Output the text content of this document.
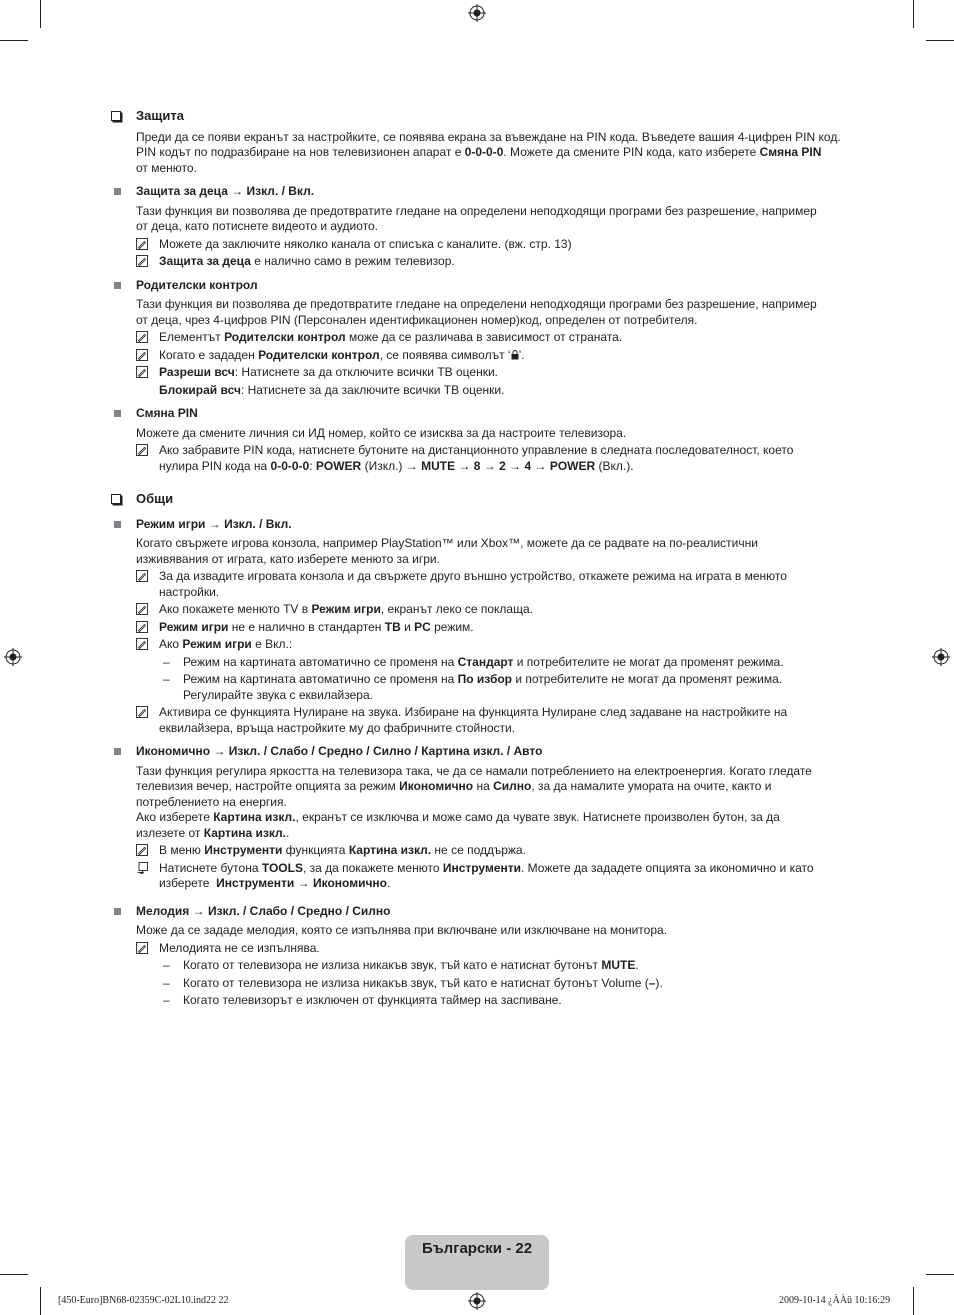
Защита
Преди да се появи екранът за настройките, се появява екрана за въвеждане на PIN кода. Въведете вашия 4-цифрен PIN код.
PIN кодът по подразбиране на нов телевизионен апарат е 0-0-0-0. Можете да смените PIN кода, като изберете Смяна PIN
от менюто.
Защита за деца → Изкл. / Вкл.
Тази функция ви позволява де предотвратите гледане на определени неподходящи програми без разрешение, например
от деца, като потиснете видеото и аудиото.
Можете да заключите няколко канала от списъка с каналите. (вж. стр. 13)
Защита за деца е налично само в режим телевизор.
Родителски контрол
Тази функция ви позволява де предотвратите гледане на определени неподходящи програми без разрешение, например
от деца, чрез 4-цифров PIN (Персонален идентификационен номер)код, определен от потребителя.
Елементът Родителски контрол може да се различава в зависимост от страната.
Когато е зададен Родителски контрол, се появява символът ‘ ’.
Разреши всч: Натиснете за да отключите всички ТВ оценки.
Блокирай всч: Натиснете за да заключите всички ТВ оценки.
Смяна PIN
Можете да смените личния си ИД номер, който се изисква за да настроите телевизора.
Ако забравите PIN кода, натиснете бутоните на дистанционното управление в следната последователност, което
нулира PIN кода на 0-0-0-0: POWER (Изкл.) → MUTE → 8 → 2 → 4 → POWER (Вкл.).
Общи
Режим игри → Изкл. / Вкл.
Когато свържете игрова конзола, например PlayStation™ или Xbox™, можете да се радвате на по-реалистични
изживявания от играта, като изберете менюто за игри.
За да извадите игровата конзола и да свържете друго външно устройство, откажете режима на играта в менюто
настройки.
Ако покажете менюто TV в Режим игри, екранът леко се поклаща.
Режим игри не е налично в стандартен ТВ и PC режим.
Ако Режим игри е Вкл.:
– Режим на картината автоматично се променя на Стандарт и потребителите не могат да променят режима.
– Режим на картината автоматично се променя на По избор и потребителите не могат да променят режима.
Регулирайте звука с еквилайзера.
Активира се функцията Нулиране на звука. Избиране на функцията Нулиране след задаване на настройките на
еквилайзера, връща настройките му до фабричните стойности.
Икономично → Изкл. / Слабо / Средно / Силно / Картина изкл. / Авто
Тази функция регулира яркостта на телевизора така, че да се намали потреблението на електроенергия. Когато гледате
телевизия вечер, настройте опцията за режим Икономично на Силно, за да намалите умората на очите, както и
потреблението на енергия.
Ако изберете Картина изкл., екранът се изключва и може само да чувате звук. Натиснете произволен бутон, за да
излезете от Картина изкл..
В меню Инструменти функцията Картина изкл. не се поддържа.
Натиснете бутона TOOLS, за да покажете менюто Инструменти. Можете да зададете опцията за икономично и като
изберете  Инструменти → Икономично.
Мелодия → Изкл. / Слабо / Средно / Силно
Може да се зададе мелодия, която се изпълнява при включване или изключване на монитора.
Мелодията не се изпълнява.
– Когато от телевизора не излиза никакъв звук, тъй като е натиснат бутонът MUTE.
– Когато от телевизора не излиза никакъв звук, тъй като е натиснат бутонът Volume (–).
– Когато телевизорът е изключен от функцията таймер на заспиване.
Български - 22
[450-Euro]BN68-02359C-02L10.ind22 22	2009-10-14 ¿ÀÀü 10:16:29
